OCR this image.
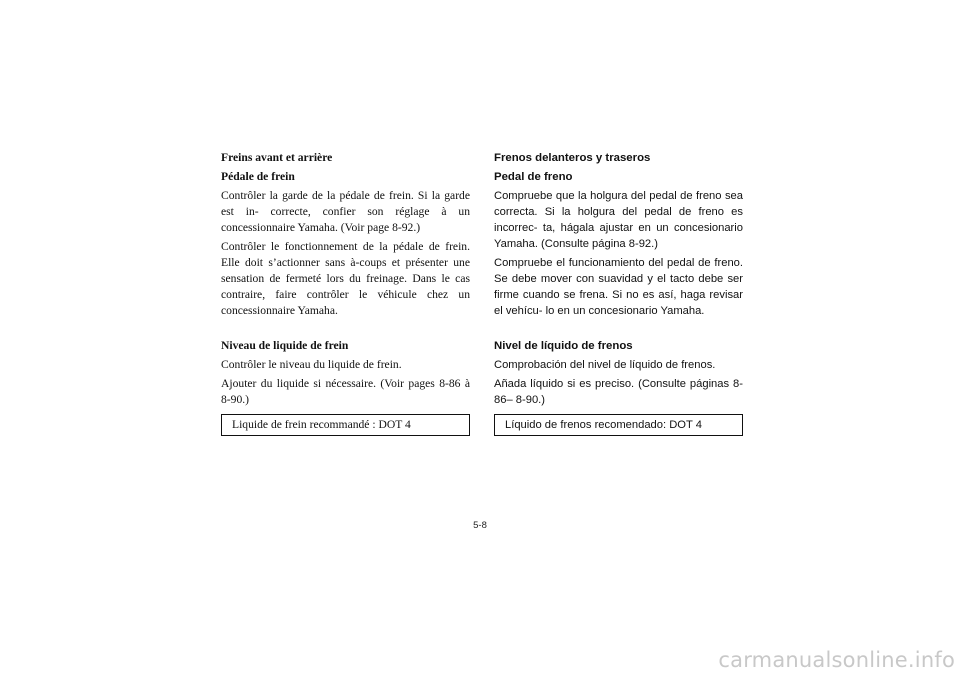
Freins avant et arrière
Pédale de frein
Contrôler la garde de la pédale de frein. Si la garde est in- correcte, confier son réglage à un concessionnaire Yamaha. (Voir page 8-92.)
Contrôler le fonctionnement de la pédale de frein. Elle doit s’actionner sans à-coups et présenter une sensation de fermeté lors du freinage. Dans le cas contraire, faire contrôler le véhicule chez un concessionnaire Yamaha.
Niveau de liquide de frein
Contrôler le niveau du liquide de frein.
Ajouter du liquide si nécessaire. (Voir pages 8-86 à 8-90.)
Liquide de frein recommandé : DOT 4
Frenos delanteros y traseros
Pedal de freno
Compruebe que la holgura del pedal de freno sea correcta. Si la holgura del pedal de freno es incorrec- ta, hágala ajustar en un concesionario Yamaha. (Consulte página 8-92.)
Compruebe el funcionamiento del pedal de freno. Se debe mover con suavidad y el tacto debe ser firme cuando se frena. Si no es así, haga revisar el vehícu- lo en un concesionario Yamaha.
Nivel de líquido de frenos
Comprobación del nivel de líquido de frenos.
Añada líquido si es preciso. (Consulte páginas 8-86– 8-90.)
Líquido de frenos recomendado: DOT 4
5-8
carmanualsonline.info
